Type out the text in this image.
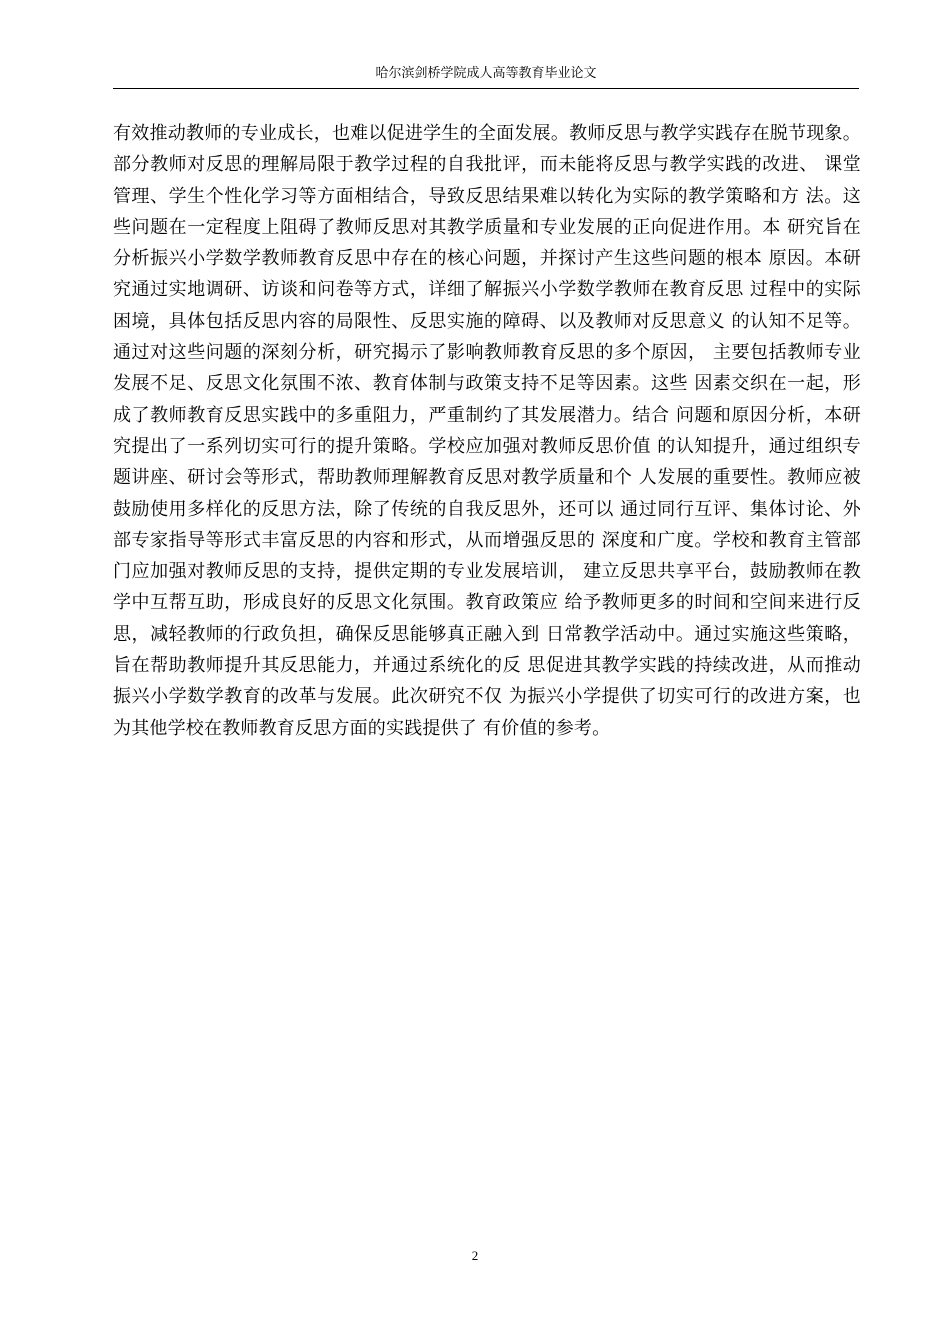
哈尔滨剑桥学院成人高等教育毕业论文

有效推动教师的专业成长，也难以促进学生的全面发展。教师反思与教学实践存在脱节现象。部分教师对反思的理解局限于教学过程的自我批评，而未能将反思与教学实践的改进、 课堂管理、学生个性化学习等方面相结合，导致反思结果难以转化为实际的教学策略和方 法。这些问题在一定程度上阻碍了教师反思对其教学质量和专业发展的正向促进作用。本 研究旨在分析振兴小学数学教师教育反思中存在的核心问题，并探讨产生这些问题的根本 原因。本研究通过实地调研、访谈和问卷等方式，详细了解振兴小学数学教师在教育反思 过程中的实际困境，具体包括反思内容的局限性、反思实施的障碍、以及教师对反思意义 的认知不足等。通过对这些问题的深刻分析，研究揭示了影响教师教育反思的多个原因， 主要包括教师专业发展不足、反思文化氛围不浓、教育体制与政策支持不足等因素。这些 因素交织在一起，形成了教师教育反思实践中的多重阻力，严重制约了其发展潜力。结合 问题和原因分析，本研究提出了一系列切实可行的提升策略。学校应加强对教师反思价值 的认知提升，通过组织专题讲座、研讨会等形式，帮助教师理解教育反思对教学质量和个 人发展的重要性。教师应被鼓励使用多样化的反思方法，除了传统的自我反思外，还可以 通过同行互评、集体讨论、外部专家指导等形式丰富反思的内容和形式，从而增强反思的 深度和广度。学校和教育主管部门应加强对教师反思的支持，提供定期的专业发展培训， 建立反思共享平台，鼓励教师在教学中互帮互助，形成良好的反思文化氛围。教育政策应 给予教师更多的时间和空间来进行反思，减轻教师的行政负担，确保反思能够真正融入到 日常教学活动中。通过实施这些策略，旨在帮助教师提升其反思能力，并通过系统化的反 思促进其教学实践的持续改进，从而推动振兴小学数学教育的改革与发展。此次研究不仅 为振兴小学提供了切实可行的改进方案，也为其他学校在教师教育反思方面的实践提供了 有价值的参考。

2
